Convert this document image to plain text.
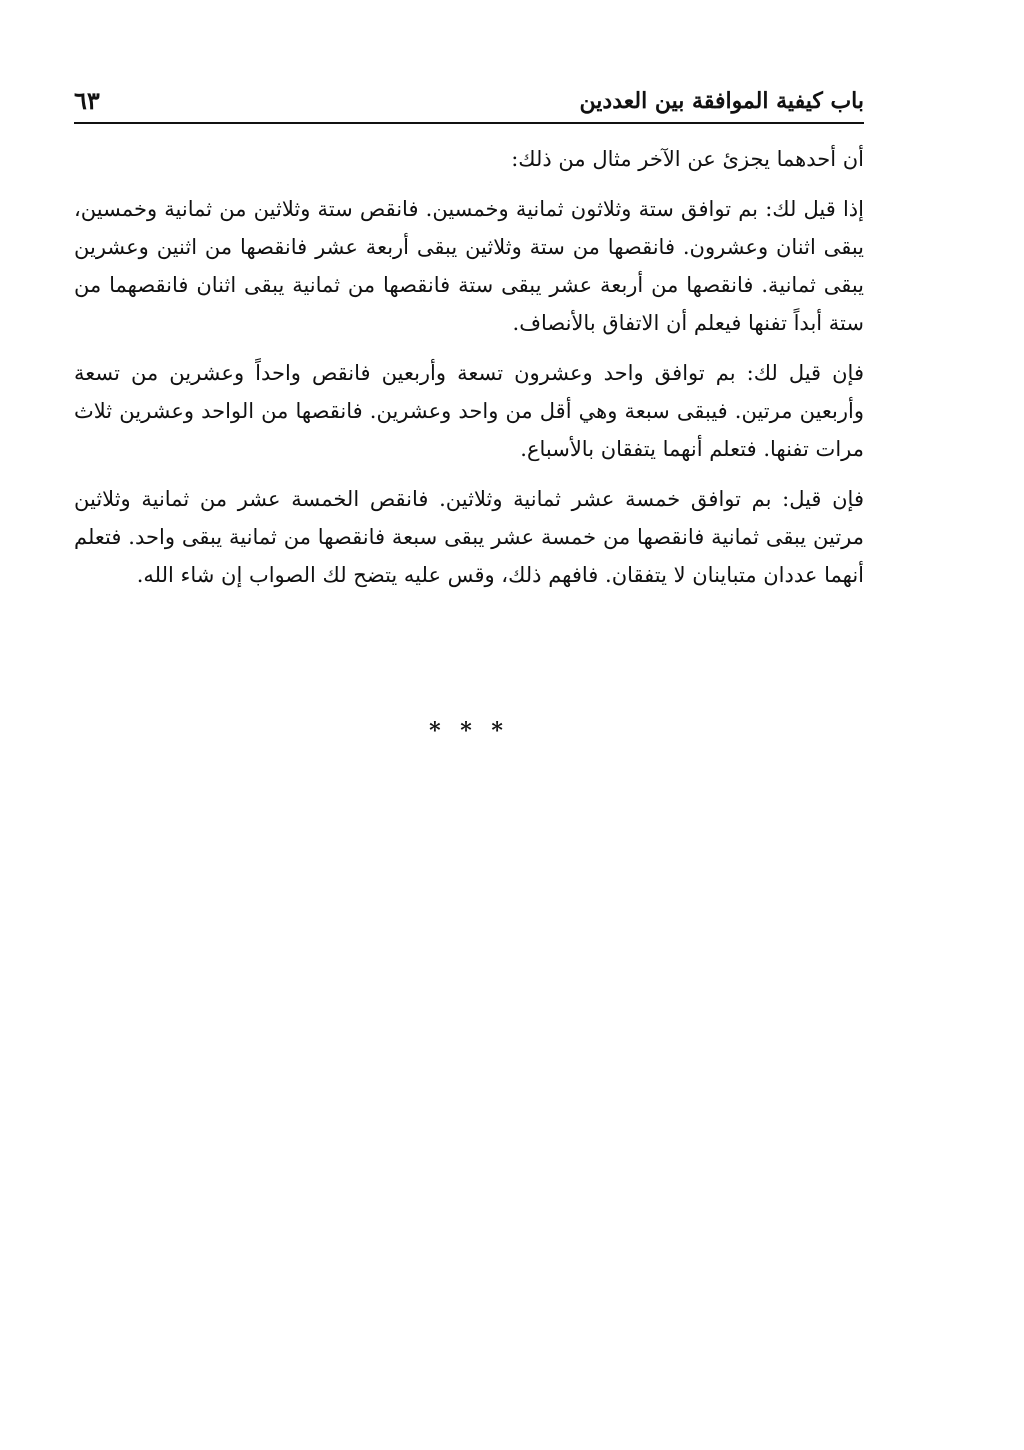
باب كيفية الموافقة بين العددين
٦٣

أن أحدهما يجزئ عن الآخر مثال من ذلك:

إذا قيل لك: بم توافق ستة وثلاثون ثمانية وخمسين. فانقص ستة وثلاثين من ثمانية وخمسين، يبقى اثنان وعشرون. فانقصها من ستة وثلاثين يبقى أربعة عشر فانقصها من اثنين وعشرين يبقى ثمانية. فانقصها من أربعة عشر يبقى ستة فانقصها من ثمانية يبقى اثنان فانقصهما من ستة أبداً تفنها فيعلم أن الاتفاق بالأنصاف.

فإن قيل لك: بم توافق واحد وعشرون تسعة وأربعين فانقص واحداً وعشرين من تسعة وأربعين مرتين. فيبقى سبعة وهي أقل من واحد وعشرين. فانقصها من الواحد وعشرين ثلاث مرات تفنها. فتعلم أنهما يتفقان بالأسباع.

فإن قيل: بم توافق خمسة عشر ثمانية وثلاثين. فانقص الخمسة عشر من ثمانية وثلاثين مرتين يبقى ثمانية فانقصها من خمسة عشر يبقى سبعة فانقصها من ثمانية يبقى واحد. فتعلم أنهما عددان متباينان لا يتفقان. فافهم ذلك، وقس عليه يتضح لك الصواب إن شاء الله.

* * *
